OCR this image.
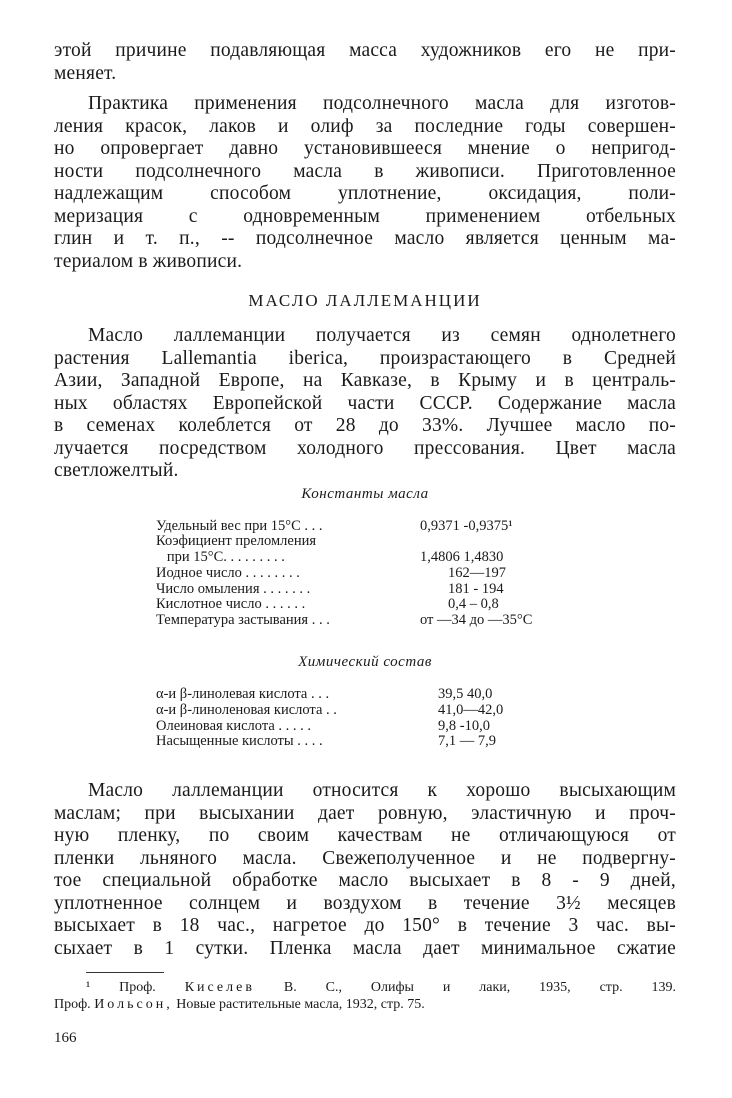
этой причине подавляющая масса художников его не при-
меняет.
Практика применения подсолнечного масла для изготов-
ления красок, лаков и олиф за последние годы совершен-
но опровергает давно установившееся мнение о непригод-
ности подсолнечного масла в живописи. Приготовленное
надлежащим способом уплотнение, оксидация, поли-
меризация с одновременным применением отбельных
глин и т. п., -- подсолнечное масло является ценным ма-
териалом в живописи.
МАСЛО ЛАЛЛЕМАНЦИИ
Масло лаллеманции получается из семян однолетнего
растения Lallemantia iberica, произрастающего в Средней
Азии, Западной Европе, на Кавказе, в Крыму и в централь-
ных областях Европейской части СССР. Содержание масла
в семенах колеблется от 28 до 33%. Лучшее масло по-
лучается посредством холодного прессования. Цвет масла
светложелтый.
Константы масла
Удельный вес при 15°С . . .	0,9371 -0,9375¹
Коэфициент преломления
при 15°С. . . . . . . . .	1,4806 1,4830
Иодное число . . . . . . . .	162—197
Число омыления . . . . . . .	181 - 194
Кислотное число . . . . . .	0,4 – 0,8
Температура застывания . . .	от —34 до —35°С
Химический состав
α-и β-линолевая кислота . . .	39,5 40,0
α-и β-линоленовая кислота . .	41,0—42,0
Олеиновая кислота . . . . .	9,8 -10,0
Насыщенные кислоты . . . .	7,1 — 7,9
Масло лаллеманции относится к хорошо высыхающим
маслам; при высыхании дает ровную, эластичную и проч-
ную пленку, по своим качествам не отличающуюся от
пленки льняного масла. Свежеполученное и не подвергну-
тое специальной обработке масло высыхает в 8 - 9 дней,
уплотненное солнцем и воздухом в течение 3½ месяцев
высыхает в 18 час., нагретое до 150° в течение 3 час. вы-
сыхает в 1 сутки. Пленка масла дает минимальное сжатие
¹ Проф. Киселев В. С., Олифы и лаки, 1935, стр. 139.
Проф. Иольсон, Новые растительные масла, 1932, стр. 75.
166
